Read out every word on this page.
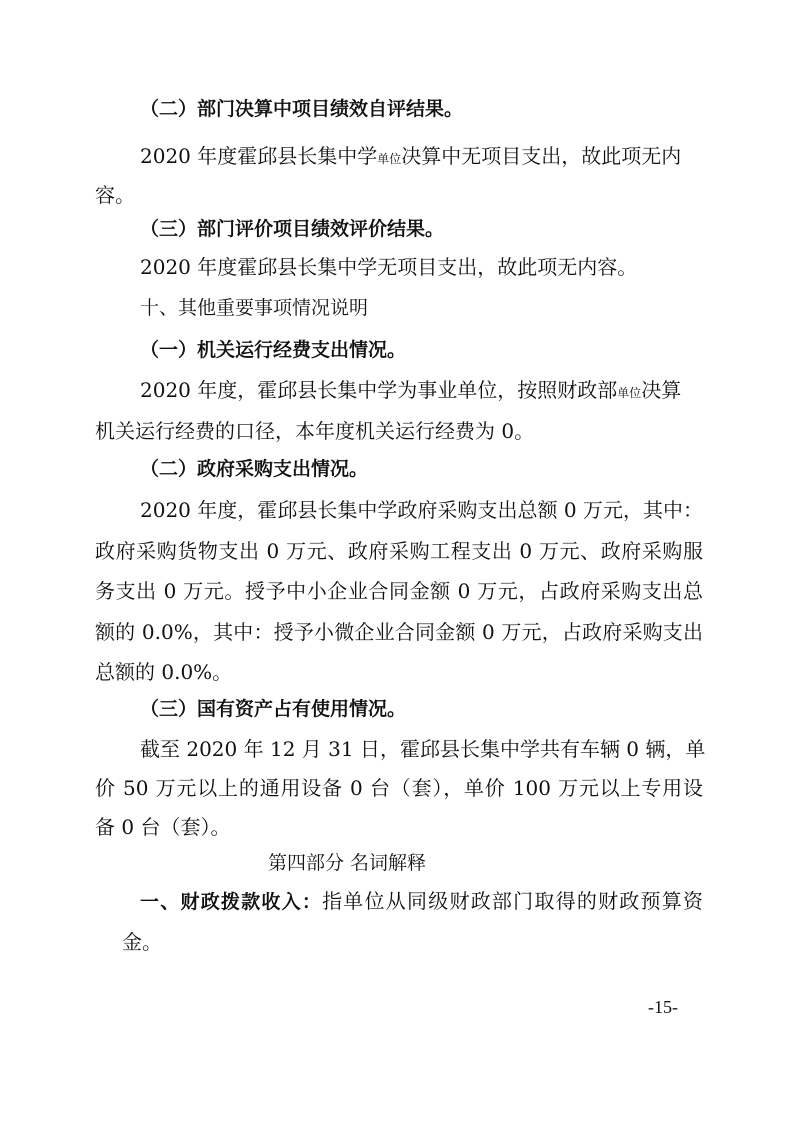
（二）部门决算中项目绩效自评结果。
2020 年度霍邱县长集中学单位决算中无项目支出，故此项无内
容。
（三）部门评价项目绩效评价结果。
2020 年度霍邱县长集中学无项目支出，故此项无内容。
十、其他重要事项情况说明
（一）机关运行经费支出情况。
2020 年度，霍邱县长集中学为事业单位，按照财政部单位决算
机关运行经费的口径，本年度机关运行经费为 0。
（二）政府采购支出情况。
2020 年度，霍邱县长集中学政府采购支出总额 0 万元，其中：
政府采购货物支出 0 万元、政府采购工程支出 0 万元、政府采购服
务支出 0 万元。授予中小企业合同金额 0 万元，占政府采购支出总
额的 0.0%，其中：授予小微企业合同金额 0 万元，占政府采购支出
总额的 0.0%。
（三）国有资产占有使用情况。
截至 2020 年 12 月 31 日，霍邱县长集中学共有车辆 0 辆，单
价 50 万元以上的通用设备 0 台（套），单价 100 万元以上专用设
备 0 台（套）。
第四部分 名词解释
一、财政拨款收入：指单位从同级财政部门取得的财政预算资
金。
-15-
